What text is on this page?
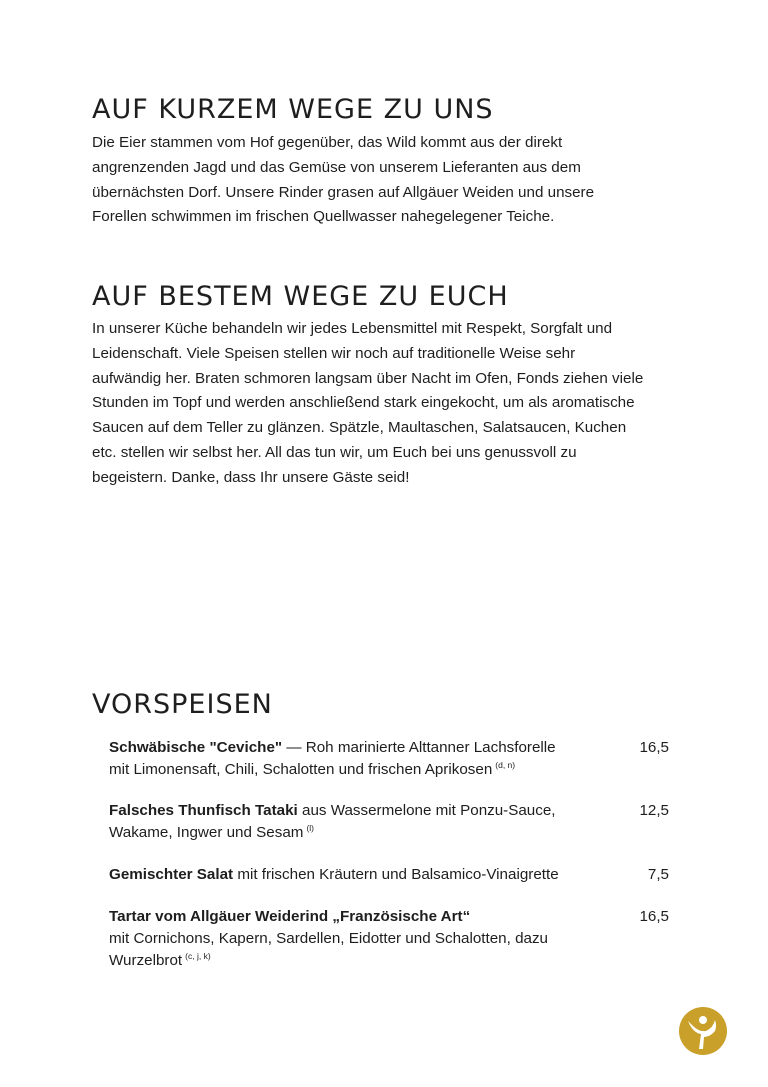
AUF KURZEM WEGE ZU UNS

Die Eier stammen vom Hof gegenüber, das Wild kommt aus der direkt
angrenzenden Jagd und das Gemüse von unserem Lieferanten aus dem
übernächsten Dorf. Unsere Rinder grasen auf Allgäuer Weiden und unsere
Forellen schwimmen im frischen Quellwasser nahegelegener Teiche.

AUF BESTEM WEGE ZU EUCH

In unserer Küche behandeln wir jedes Lebensmittel mit Respekt, Sorgfalt und
Leidenschaft. Viele Speisen stellen wir noch auf traditionelle Weise sehr
aufwändig her. Braten schmoren langsam über Nacht im Ofen, Fonds ziehen viele
Stunden im Topf und werden anschließend stark eingekocht, um als aromatische
Saucen auf dem Teller zu glänzen. Spätzle, Maultaschen, Salatsaucen, Kuchen
etc. stellen wir selbst her. All das tun wir, um Euch bei uns genussvoll zu
begeistern. Danke, dass Ihr unsere Gäste seid!

VORSPEISEN
Schwäbische "Ceviche" — Roh marinierte Alttanner Lachsforelle
mit Limonensaft, Chili, Schalotten und frischen Aprikosen $^{(d, n)}$
16,5
Falsches Thunfisch Tataki aus Wassermelone mit Ponzu-Sauce,
Wakame, Ingwer und Sesam $^{(l)}$
12,5
Gemischter Salat mit frischen Kräutern und Balsamico-Vinaigrette	7,5
Tartar vom Allgäuer Weiderind „Französische Art“
mit Cornichons, Kapern, Sardellen, Eidotter und Schalotten, dazu
Wurzelbrot $^{(c, j, k)}$
16,5
